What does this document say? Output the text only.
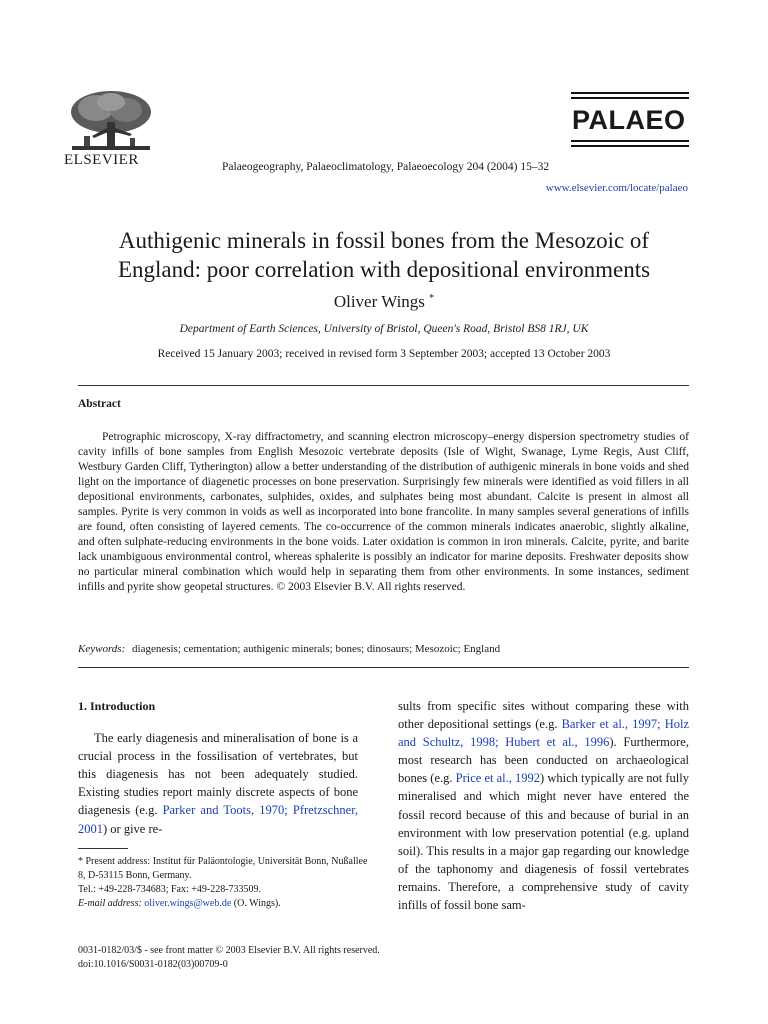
ELSEVIER	Palaeogeography, Palaeoclimatology, Palaeoecology 204 (2004) 15–32
PALAEO
www.elsevier.com/locate/palaeo
Authigenic minerals in fossil bones from the Mesozoic of
England: poor correlation with depositional environments
Oliver Wings *
Department of Earth Sciences, University of Bristol, Queen's Road, Bristol BS8 1RJ, UK
Received 15 January 2003; received in revised form 3 September 2003; accepted 13 October 2003
Abstract
Petrographic microscopy, X-ray diffractometry, and scanning electron microscopy–energy dispersion spectrometry studies of cavity infills of bone samples from English Mesozoic vertebrate deposits (Isle of Wight, Swanage, Lyme Regis, Aust Cliff, Westbury Garden Cliff, Tytherington) allow a better understanding of the distribution of authigenic minerals in bone voids and shed light on the importance of diagenetic processes on bone preservation. Surprisingly few minerals were identified as void fillers in all depositional environments, carbonates, sulphides, oxides, and sulphates being most abundant. Calcite is present in almost all samples. Pyrite is very common in voids as well as incorporated into bone francolite. In many samples several generations of infills are found, often consisting of layered cements. The co-occurrence of the common minerals indicates anaerobic, slightly alkaline, and often sulphate-reducing environments in the bone voids. Later oxidation is common in iron minerals. Calcite, pyrite, and barite lack unambiguous environmental control, whereas sphalerite is possibly an indicator for marine deposits. Freshwater deposits show no particular mineral combination which would help in separating them from other environments. In some instances, sediment infills and pyrite show geopetal structures. © 2003 Elsevier B.V. All rights reserved.
Keywords: diagenesis; cementation; authigenic minerals; bones; dinosaurs; Mesozoic; England
1. Introduction
The early diagenesis and mineralisation of bone is a crucial process in the fossilisation of vertebrates, but this diagenesis has not been adequately studied. Existing studies report mainly discrete aspects of bone diagenesis (e.g. Parker and Toots, 1970; Pfretzschner, 2001) or give re-

* Present address: Institut für Paläontologie, Universität Bonn, Nußallee 8, D-53115 Bonn, Germany.

Tel.: +49-228-734683; Fax: +49-228-733509.

E-mail address: oliver.wings@web.de (O. Wings).

sults from specific sites without comparing these with other depositional settings (e.g. Barker et al., 1997; Holz and Schultz, 1998; Hubert et al., 1996). Furthermore, most research has been conducted on archaeological bones (e.g. Price et al., 1992) which typically are not fully mineralised and which might never have entered the fossil record because of this and because of burial in an environment with low preservation potential (e.g. upland soil). This results in a major gap regarding our knowledge of the taphonomy and diagenesis of fossil vertebrates remains. Therefore, a comprehensive study of cavity infills of fossil bone sam-
0031-0182/03/$ - see front matter © 2003 Elsevier B.V. All rights reserved.
doi:10.1016/S0031-0182(03)00709-0
